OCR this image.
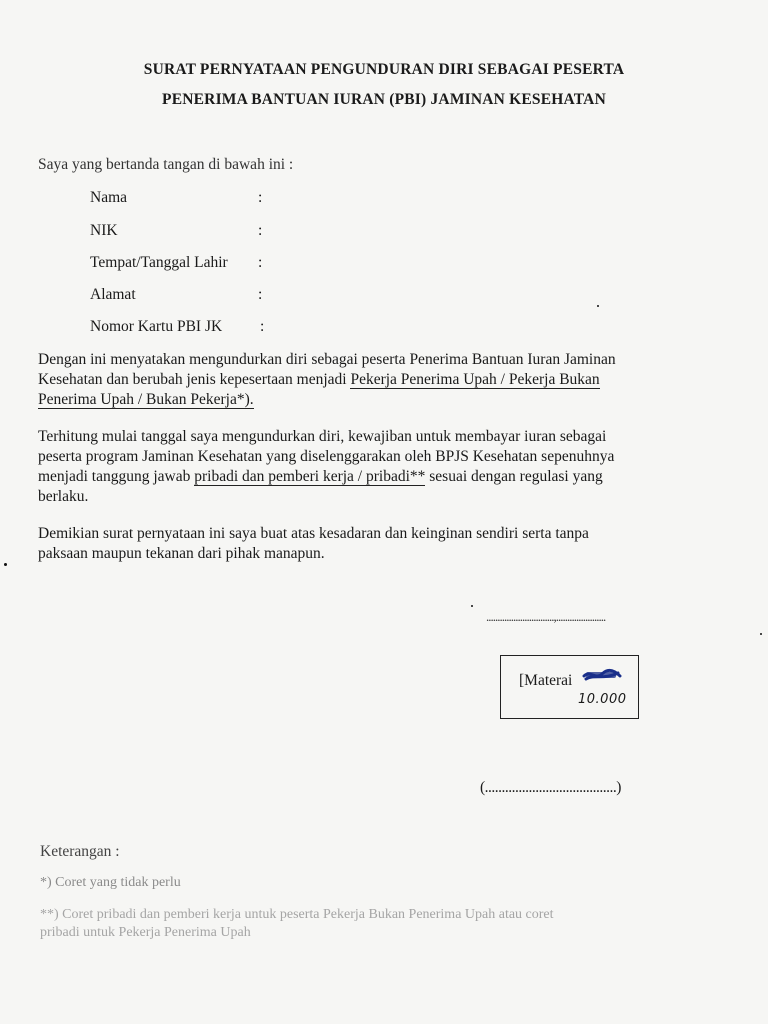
SURAT PERNYATAAN PENGUNDURAN DIRI SEBAGAI PESERTA
PENERIMA BANTUAN IURAN (PBI) JAMINAN KESEHATAN
Saya yang bertanda tangan di bawah ini :
Nama	:
NIK	:
Tempat/Tanggal Lahir :
Alamat	:
Nomor Kartu PBI JK :
Dengan ini menyatakan mengundurkan diri sebagai peserta Penerima Bantuan Iuran Jaminan
Kesehatan dan berubah jenis kepesertaan menjadi Pekerja Penerima Upah / Pekerja Bukan
Penerima Upah / Bukan Pekerja*).
Terhitung mulai tanggal saya mengundurkan diri, kewajiban untuk membayar iuran sebagai
peserta program Jaminan Kesehatan yang diselenggarakan oleh BPJS Kesehatan sepenuhnya
menjadi tanggung jawab pribadi dan pemberi kerja / pribadi** sesuai dengan regulasi yang
berlaku.
Demikian surat pernyataan ini saya buat atas kesadaran dan keinginan sendiri serta tanpa
paksaan maupun tekanan dari pihak manapun.
..............................,......................
[Materai
10.000
(.......................................)
Keterangan :
*) Coret yang tidak perlu
**) Coret pribadi dan pemberi kerja untuk peserta Pekerja Bukan Penerima Upah atau coret
pribadi untuk Pekerja Penerima Upah
